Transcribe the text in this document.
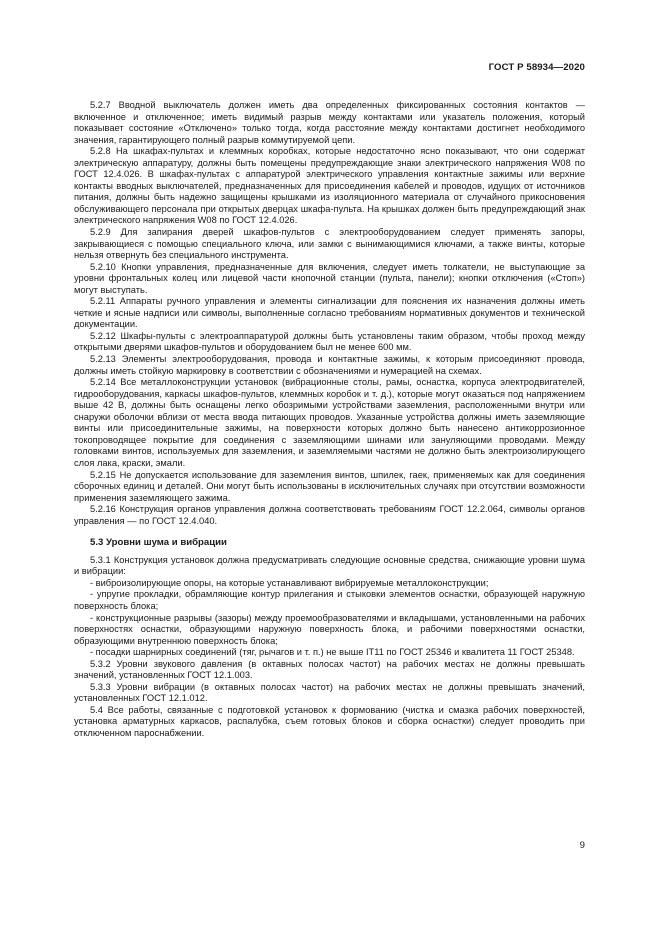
ГОСТ Р 58934—2020

5.2.7 Вводной выключатель должен иметь два определенных фиксированных состояния контактов — включенное и отключенное; иметь видимый разрыв между контактами или указатель положения, который показывает состояние «Отключено» только тогда, когда расстояние между контактами достигнет необходимого значения, гарантирующего полный разрыв коммутируемой цепи.

5.2.8 На шкафах-пультах и клеммных коробках, которые недостаточно ясно показывают, что они содержат электрическую аппаратуру, должны быть помещены предупреждающие знаки электрического напряжения W08 по ГОСТ 12.4.026. В шкафах-пультах с аппаратурой электрического управления контактные зажимы или верхние контакты вводных выключателей, предназначенных для присоединения кабелей и проводов, идущих от источников питания, должны быть надежно защищены крышками из изоляционного материала от случайного прикосновения обслуживающего персонала при открытых дверцах шкафа-пульта. На крышках должен быть предупреждающий знак электрического напряжения W08 по ГОСТ 12.4.026.

5.2.9 Для запирания дверей шкафов-пультов с электрооборудованием следует применять запоры, закрывающиеся с помощью специального ключа, или замки с вынимающимися ключами, а также винты, которые нельзя отвернуть без специального инструмента.

5.2.10 Кнопки управления, предназначенные для включения, следует иметь толкатели, не выступающие за уровни фронтальных колец или лицевой части кнопочной станции (пульта, панели); кнопки отключения («Стоп») могут выступать.

5.2.11 Аппараты ручного управления и элементы сигнализации для пояснения их назначения должны иметь четкие и ясные надписи или символы, выполненные согласно требованиям нормативных документов и технической документации.

5.2.12 Шкафы-пульты с электроаппаратурой должны быть установлены таким образом, чтобы проход между открытыми дверями шкафов-пультов и оборудованием был не менее 600 мм.

5.2.13 Элементы электрооборудования, провода и контактные зажимы, к которым присоединяют провода, должны иметь стойкую маркировку в соответствии с обозначениями и нумерацией на схемах.

5.2.14 Все металлоконструкции установок (вибрационные столы, рамы, оснастка, корпуса электродвигателей, гидрооборудования, каркасы шкафов-пультов, клеммных коробок и т. д.), которые могут оказаться под напряжением выше 42 В, должны быть оснащены легко обозримыми устройствами заземления, расположенными внутри или снаружи оболочки вблизи от места ввода питающих проводов. Указанные устройства должны иметь заземляющие винты или присоединительные зажимы, на поверхности которых должно быть нанесено антикоррозионное токопроводящее покрытие для соединения с заземляющими шинами или зануляющими проводами. Между головками винтов, используемых для заземления, и заземляемыми частями не должно быть электроизолирующего слоя лака, краски, эмали.

5.2.15 Не допускается использование для заземления винтов, шпилек, гаек, применяемых как для соединения сборочных единиц и деталей. Они могут быть использованы в исключительных случаях при отсутствии возможности применения заземляющего зажима.

5.2.16 Конструкция органов управления должна соответствовать требованиям ГОСТ 12.2.064, символы органов управления — по ГОСТ 12.4.040.

5.3 Уровни шума и вибрации

5.3.1 Конструкция установок должна предусматривать следующие основные средства, снижающие уровни шума и вибрации:

- виброизолирующие опоры, на которые устанавливают вибрируемые металлоконструкции;

- упругие прокладки, обрамляющие контур прилегания и стыковки элементов оснастки, образующей наружную поверхность блока;

- конструкционные разрывы (зазоры) между проемообразователями и вкладышами, установленными на рабочих поверхностях оснастки, образующими наружную поверхность блока, и рабочими поверхностями оснастки, образующими внутреннюю поверхность блока;

- посадки шарнирных соединений (тяг, рычагов и т. п.) не выше IT11 по ГОСТ 25346 и квалитета 11 ГОСТ 25348.

5.3.2 Уровни звукового давления (в октавных полосах частот) на рабочих местах не должны превышать значений, установленных ГОСТ 12.1.003.

5.3.3 Уровни вибрации (в октавных полосах частот) на рабочих местах не должны превышать значений, установленных ГОСТ 12.1.012.

5.4 Все работы, связанные с подготовкой установок к формованию (чистка и смазка рабочих поверхностей, установка арматурных каркасов, распалубка, съем готовых блоков и сборка оснастки) следует проводить при отключенном пароснабжении.

9
